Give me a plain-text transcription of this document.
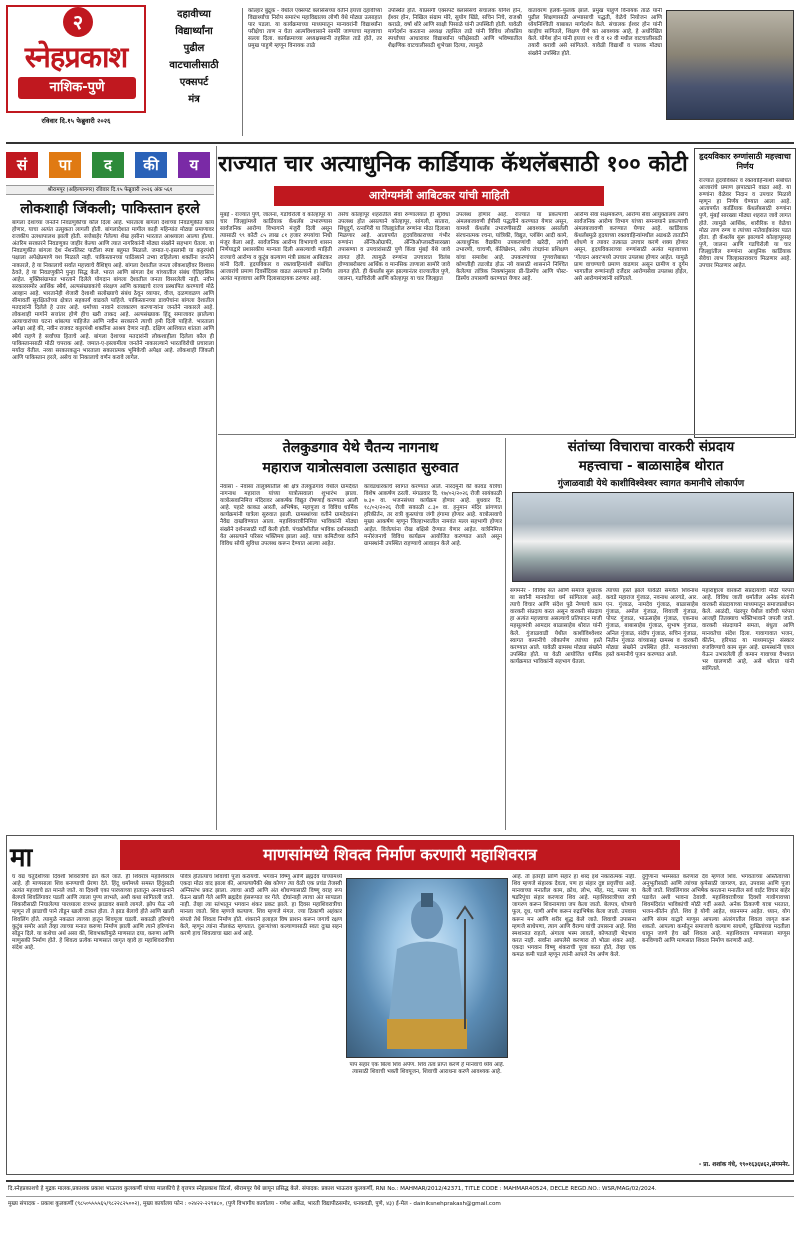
२
स्नेहप्रकाश
नाशिक-पुणे
रविवार दि.१५ फेब्रुवारी २०२६
दहावीच्या
विद्यार्थ्यांना
पुढील
वाटचालीसाठी
एक्सपर्ट
मंत्र
कोल्हार बुद्रुक - येथील एक्सपर्ट क्लासेसच्या वतीने इयत्ता दहावीच्या विद्यार्थ्यांचा निरोप समारंभ महाविद्यालय लोणी येथे मोठ्या उत्साहात पार पडला. या कार्यक्रमाच्या माध्यमातून मान्यवरांनी विद्यार्थ्यांना परीक्षेचा ताण न घेता आत्मविश्वासाने सामोरे जाण्याचा महत्त्वाचा सल्ला दिला. कार्यक्रमाच्या अध्यक्षस्थानी तहसिल ताडे होते, तर प्रमुख पाहुणे म्हणून विनायक ताळे
उपस्थित होते. याप्रसंगी एक्सपर्ट क्लासेसचे संचालक योगेश होन, ईश्वर होन, निखिल संग्राम मोरे, सुयोग खिंडे, सचिन निचे, राजश्री कराळे, वर्षा थोरे आणि साक्षी पिसाळे यांनी उपस्थिती होती. यावेळी मार्गदर्शन करताना अध्यक्ष तहसिल ताडे यांनी विविध लोकप्रिय स्पर्धांच्या आधारावर विद्यार्थ्यांना परीक्षेसाठी आणि भविष्यातील शैक्षणिक वाटचालीसाठी शुभेच्छा दिल्या, त्यामुळे
वातावरण हलके-फुलके झाले. प्रमुख पाहुणे विनायक ताळे यांनी पुढील शिक्षणासाठी अभ्यासाची पद्धती, वेळेचे नियोजन आणि ध्येयनिश्चिती याबाबत मार्गदर्शन केले. संचालक ईश्वर होन यांनी काहीच सांगितले, शिक्षण घेणे का आवश्यक आहे, हे अधोरेखित केले. योगेश होन यांनी इयत्ता ११ वी व १२ वी मधील वाटचालीसाठी तयारी करावी असे सांगितले. यावेळी विद्यार्थी व पालक मोठ्या संख्येने उपस्थित होते.
सं	पा	द	की	य
श्रीरामपूर (अहिल्यानगर) रविवार दि.१५ फेब्रुवारी २०२६ अंक ५६१
लोकशाही जिंकली; पाकिस्तान हरले
बांगला देशाच्या जनतेने निवडणुकीचा कौल दिला आहे. भारताला बांगला देशाच्या निवडणुकीत काय होणार, याचा अत्यंत उत्सुकता लागली होती. बांगलादेशात मागील काही महिन्यांत मोठ्या प्रमाणावर राजकीय उलथापालथ झाली होती. सत्तेबाहेर गेलेल्या शेख हसीना भारतात आश्रयाला आल्या होत्या. अंतरिम सरकारने निवडणुका जाहीर केल्या आणि त्यात नागरिकांनी मोठ्या संख्येने सहभाग घेतला. या निवडणुकीत बांगला देश नॅशनलिस्ट पार्टीला स्पष्ट बहुमत मिळाले. जमात-ए-इस्लामी या कट्टरपंथी पक्षाला अपेक्षेप्रमाणे यश मिळाले नाही. पाकिस्तानच्या पाठिंब्याने उभ्या राहिलेल्या शक्तींना जनतेने नाकारले, हे या निकालाचे सर्वात महत्त्वाचे वैशिष्ट्य आहे. बांगला देशातील जनता लोकशाहीवर विश्वास ठेवते, हे या निवडणुकीने पुन्हा सिद्ध केले. भारत आणि बांगला देश यांच्यातील संबंध ऐतिहासिक आहेत. मुक्तिसंग्रामात भारताने दिलेले योगदान बांगला देशातील जनता विसरलेली नाही. नवीन सरकारसमोर आर्थिक स्थैर्य, अल्पसंख्याकांचे संरक्षण आणि कायद्याचे राज्य प्रस्थापित करण्याचे मोठे आव्हान आहे. भारतानेही शेजारी देशाशी सलोख्याचे संबंध ठेवून व्यापार, वीज, दळणवळण आणि सीमावर्ती सुरक्षिततेच्या क्षेत्रात सहकार्य वाढवले पाहिजे. पाकिस्तानच्या डावपेचांना बांगला देशातील मतदारांनी दिलेले हे उत्तर आहे. धर्माच्या नावाने राजकारण करणाऱ्यांना जनतेने नाकारले आहे. लोकशाही मार्गाने सत्तांतर होणे हीच खरी ताकद आहे. अल्पसंख्याक हिंदू समाजावर झालेल्या अत्याचारांच्या घटना थांबल्या पाहिजेत आणि नवीन सरकारने त्याची हमी दिली पाहिजे. भारताला अपेक्षा आहे की, नवीन राजवट कट्टरपंथी शक्तींना आश्रय देणार नाही. दक्षिण आशियात शांतता आणि स्थैर्य राहणे हे सर्वांच्या हिताचे आहे. बांगला देशाच्या मतदारांनी लोकशाहीला दिलेला कौल ही पाकिस्तानसाठी मोठी चपराक आहे. जमात-ए-इस्लामीला जनतेने नाकारल्याने भारतविरोधी प्रचाराला मर्यादा येतील. नव्या सरकारकडून भारताला सकारात्मक भूमिकेची अपेक्षा आहे. लोकशाही जिंकली आणि पाकिस्तान हरले, असेच या निकालाचे वर्णन करावे लागेल.
राज्यात चार अत्याधुनिक कार्डियाक कॅथलॅबसाठी १०० कोटी
आरोग्यमंत्री आबिटकर यांची माहिती
मुंबई - राज्यात पुणे, जालना, गडचिरोली व कोल्हापूर या चार जिल्ह्यांमध्ये कार्डियाक कॅथलॅब उभारण्यास सार्वजनिक आरोग्य विभागाने मंजुरी दिली असून त्यासाठी ९९ कोटी ८५ लाख ८१ हजार रुपयांचा निधी मंजूर केला आहे. सार्वजनिक आरोग्य विभागाचे शासन निर्णयाद्वारे प्रशासकीय मान्यता दिली असल्याची माहिती राज्याचे आरोग्य व कुटुंब कल्याण मंत्री प्रकाश आबिटकर यांनी दिली. हृदयविकार व रक्तवाहिन्यांशी संबंधित आजारांचे प्रमाण दिवसेंदिवस वाढत असल्याने हा निर्णय अत्यंत महत्त्वाचा आणि दिलासादायक ठरणार आहे.
तसेच कोल्हापूर शहरातील सेवा रुग्णालयात ही सुविधा उपलब्ध होत असल्याने कोल्हापूर, सांगली, सातारा, सिंधुदुर्ग, रत्नागिरी या जिल्ह्यांतील रुग्णांना मोठा दिलासा मिळणार आहे. आतापर्यंत हृदयविकाराच्या गंभीर रुग्णांना ॲन्जिओग्राफी, ॲन्जिओप्लास्टीसारख्या तपासण्या व उपचारांसाठी पुणे किंवा मुंबई येथे जावे लागत होते. त्यामुळे रुग्णांना उपचारात विलंब होण्याबरोबरच आर्थिक व मानसिक ताणाला सामोरे जावे लागत होते. ही कॅथलॅब सुरू झाल्यानंतर राज्यातील पुणे, जालना, गडचिरोली आणि कोल्हापूर या चार जिल्ह्यात
उपलब्ध होणार आहे. राज्यात या प्रकल्पांची अंमलबजावणी ईपीसी पद्धतीने करण्यात येणार असून, यामध्ये कॅथलॅब उभारणीसाठी आवश्यक असलेली संरचनात्मक रचना, यांत्रिकी, विद्युत, प्लंबिंग आदी कामे, अत्याधुनिक वैद्यकीय उपकरणांची खरेदी, त्यांची उभारणी, चाचणी, कॅलिब्रेशन, तसेच तंत्रज्ञांना प्रशिक्षण यांचा समावेश आहे. उपकरणांच्या गुणवत्तेबाबत कोणतीही तडजोड होऊ नये यासाठी शासनाने निश्चित केलेल्या तांत्रिक निकषांनुसार प्री-डिस्पॅच आणि पोस्ट-डिस्पॅच तपासणी करण्यात येणार आहे.
आरोग्य सेवा सक्षमकरण, आरोग्य सेवा आयुक्तालय तसेच सार्वजनिक आरोग्य विभाग यांच्या समन्वयाने प्रकल्पाची अंमलबजावणी करण्यात येणार आहे. कार्डियाक कॅथलॅबमुळे हृदयाच्या रक्तवाहिन्यांमधील अडथळे तातडीने शोधणे व त्यावर तत्काळ उपचार करणे शक्य होणार असून, हृदयविकाराच्या रुग्णांसाठी अत्यंत महत्त्वाच्या 'गोल्डन अवर'मध्ये उपचार उपलब्ध होणार आहेत. यामुळे प्राण वाचण्याचे प्रमाण वाढणार असून ग्रामीण व दुर्गम भागातील रुग्णांनाही दर्जेदार आरोग्यसेवा उपलब्ध होईल, असे आरोग्यमंत्र्यांनी सांगितले.
हृदयविकार रुग्णांसाठी महत्त्वाचा निर्णय
राज्यात हृदयविकार व रक्तवाहिन्यांशी संबंधित आजारांचे प्रमाण झपाट्याने वाढत आहे. या रुग्णांना वेळेवर निदान व उपचार मिळावे म्हणून हा निर्णय घेण्यात आला आहे. आतापर्यंत कार्डियाक कॅथलॅबसाठी रुग्णांना पुणे, मुंबई सारख्या मोठ्या शहरात जावे लागत होते. त्यामुळे आर्थिक, शारीरिक व वेळेचा मोठा ताण रुग्ण व त्यांच्या नातेवाईकांवर पडत होता. ही कॅथलॅब सुरू झाल्याने कोल्हापूरसह पुणे, जालना आणि गडचिरोली या चार जिल्ह्यांतील रुग्णांना आधुनिक कार्डियाक सेवेचा लाभ जिल्हास्तरावरच मिळणार आहे. उपचार मिळणार आहेत.
तेलकुडगाव येथे चैतन्य नागनाथ
महाराज यात्रोत्सवाला उत्साहात सुरुवात
नेवासा - नेवासा तालुक्यातील श्री क्षेत्र तेलकुडगाव येथील ग्रामदैवत नागनाथ महाराज यांच्या यात्रोत्सवाला शुभारंभ झाला. यात्रोत्सवानिमित्त मंदिरावर आकर्षक विद्युत रोषणाई करण्यात आली आहे. पहाटे काकड आरती, अभिषेक, महापूजा व विविध धार्मिक कार्यक्रमांनी यात्रेला सुरुवात झाली. ग्रामस्थांच्या वतीने ग्रामदेवतांना नैवेद्य दाखविण्यात आला. महाशिवरात्रीनिमित्त भाविकांनी मोठ्या संख्येने दर्शनासाठी गर्दी केली होती. पंचक्रोशीतील भाविक दर्शनासाठी येत असल्याने परिसर भक्तिमय झाला आहे. यात्रा कमिटीच्या वतीने विविध सोयी सुविधा उपलब्ध करून देण्यात आल्या आहेत.
कावडधारकांचे स्वागत करण्यात आले. नारदमुनी की कावड यात्रेचा विशेष आकर्षण ठरली. मंगळवार दि. १७/०२/२०२६ रोजी सायंकाळी ७.३० वा. भजनसंध्या कार्यक्रम होणार आहे. बुधवार दि. १८/०२/२०२६ रोजी सकाळी ८.३० वा. हनुमान मंदिर प्रांगणात हरिकीर्तन, तर रात्री कुस्त्यांचा जंगी हंगामा होणार आहे. यात्रोत्सवाचे मुख्य आकर्षण म्हणून जिल्हाभरातील नामवंत मल्ल सहभागी होणार आहेत. विजेत्यांना रोख बक्षिसे देण्यात येणार आहेत. यात्रेनिमित्त मनोरंजनाचे विविध कार्यक्रम आयोजित करण्यात आले असून ग्रामस्थांनी उपस्थित राहण्याचे आवाहन केले आहे.
संतांच्या विचाराचा वारकरी संप्रदाय
महत्त्वाचा - बाळासाहेब थोरात
गुंजाळवाडी येथे काशीविश्वेश्वर स्वागत कमानीचे लोकार्पण
संगमनेर - विविध संत आणि समाज सुधारक या सर्वांनी मानवतेचा धर्म सांगितला आहे. त्याचे विचार आणि संदेश पुढे नेण्याचे काम वारकरी संप्रदाय करत असून वारकरी संप्रदाय हा अत्यंत महत्त्वाचा असल्याचे प्रतिपादन माजी महसूलमंत्री आमदार बाळासाहेब थोरात यांनी केले. गुंजाळवाडी येथील काशीविश्वेश्वर स्वागत कमानीचे लोकार्पण त्यांच्या हस्ते करण्यात आले. यावेळी ग्रामस्थ मोठ्या संख्येने उपस्थित होते. या वेळी आयोजित धार्मिक कार्यक्रमात भाविकांनी सहभाग घेतला.
त्यांच्या हस्ते झाले यावेळी समवेत शिवनाथ कवडे महाराज गुंजाळ, नवनाथ आरगडे, आर. एन. गुंजाळ, नामदेव गुंजाळ, बाळासाहेब गुंजाळ, अमोल गुंजाळ, शिवाजी गुंजाळ, पोपट गुंजाळ, भाऊसाहेब गुंजाळ, एकनाथ गुंजाळ, बाबासाहेब गुंजाळ, सुभाष गुंजाळ, अनिल गुंजाळ, संदीप गुंजाळ, सचिन गुंजाळ, नितीन गुंजाळ यांच्यासह ग्रामस्थ व वारकरी मोठ्या संख्येने उपस्थित होते. मान्यवरांच्या हस्ते कमानीचे पूजन करण्यात आले.
महाराष्ट्राला वारकरी संप्रदायाची मोठी परंपरा आहे. विविध जाती धर्मातील अनेक संतांनी वारकरी संप्रदायाच्या माध्यमातून समाजप्रबोधन केले. आळंदी, पंढरपूर येथील वारीची परंपरा आजही तितक्याच भक्तिभावाने जपली जाते. वारकरी संप्रदायाने समता, बंधुता आणि मानवतेचा संदेश दिला. गावागावात भजन, कीर्तन, हरिपाठ या माध्यमातून संस्कार रुजविण्याचे काम सुरू आहे. ग्रामस्थांनी एकत्र येऊन उभारलेली ही कमान गावाच्या वैभवात भर घालणारी आहे, असे थोरात यांनी सांगितले.
मा	माणसांमध्ये शिवत्व निर्माण करणारी महाशिवरात्र
घ वद्य चतुर्दशीच्या दिवशी शिवरात्रीचे व्रत केले जाते. ही शिवरात्र महाशिवरात्र आहे. ही माणसाला शिव बनण्याची प्रेरणा देते. हिंदू धर्मामध्ये समस्त हिंदूंसाठी अत्यंत महत्त्वाचे व्रत मानले जाते. या दिवशी एका पारध्याच्या हातातून अनवधानाने बेलपत्रे शिवलिंगावर पडली आणि त्याला पुण्य लाभले, अशी कथा सांगितली जाते. शिकारीसाठी निघालेल्या पारध्याला रात्रभर झाडावर बसावे लागले. झोप येऊ नये म्हणून तो झाडाची पाने तोडून खाली टाकत होता. ते झाड बेलाचे होते आणि खाली शिवलिंग होते. त्यामुळे नकळत त्याच्या हातून शिवपूजा घडली. सकाळी हरिणांचे कुटुंब समोर आले तेव्हा त्याच्या मनात करुणा निर्माण झाली आणि त्याने हरिणांना सोडून दिले. या कथेचा अर्थ असा की, शिवभक्तीमुळे माणसात दया, करुणा आणि माणुसकी निर्माण होते. हे शिवत्व प्रत्येक माणसात जागृत व्हावे हा महाशिवरात्रीचा संदेश आहे.
पवित्र होतात्याच शिवाची पूजा करायची. भगवान विष्णू आणि ब्रह्मदेव यांच्यामध्ये एकदा मोठा वाद झाला की, आपल्यापैकी श्रेष्ठ कोण? त्या वेळी एक प्रचंड तेजस्वी अग्निस्तंभ प्रकट झाला. त्याचा आदी आणि अंत शोधण्यासाठी विष्णू वराह रूप घेऊन खाली गेले आणि ब्रह्मदेव हंसरूपात वर गेले. दोघांनाही त्याचा अंत सापडला नाही. तेव्हा त्या स्तंभातून भगवान शंकर प्रकट झाले. हा दिवस महाशिवरात्रीचा मानला जातो. शिव म्हणजे कल्याण. शिव म्हणजे मंगल. ज्या ठिकाणी अहंकार संपतो तेथे शिवत्व निर्माण होते. शंकराने हलाहल विष प्राशन करून जगाचे रक्षण केले, म्हणून त्यांना नीलकंठ म्हणतात. दुसऱ्यांच्या कल्याणासाठी स्वतः दुःख सहन करणे हाच शिवत्वाचा खरा अर्थ आहे.
पाप संहार एक बिल्व शिव अर्पण. शिव तत्व प्राप्त करणे हे मानवाचे ध्येय आहे. त्यासाठी शिवाची भक्ती शिवपूजन, शिवाची आराधना करणे आवश्यक आहे.
आहे. तो इतरही प्राणि संहार हा शब्द इथे नकारात्मक नाही. शिव म्हणजे संहारक देवता, पण हा संहार दुष्ट प्रवृत्तींचा आहे. मानवाच्या मनातील काम, क्रोध, लोभ, मोह, मद, मत्सर या षडरिपूंचा संहार करणारा शिव आहे. महाशिवरात्रीच्या रात्री जागरण करून शिवनामाचा जप केला जातो. बेलपत्र, धोत्र्याचे फूल, दूध, पाणी अर्पण करून रुद्राभिषेक केला जातो. उपवास करून मन आणि शरीर शुद्ध केले जाते. शिवाची उपासना म्हणजे साधेपणा, त्याग आणि वैराग्य यांची उपासना आहे. शिव स्मशानात राहतो, अंगाला भस्म लावतो, कोणताही भेदभाव करत नाही. सर्वांना आपलेसे करणारा तो भोळा शंकर आहे. एकदा भगवान विष्णू शंकराची पूजा करत होते, तेव्हा एक कमळ कमी पडले म्हणून त्यांनी आपले नेत्र अर्पण केले.
दुर्गुणांना भस्मसात करणारा देव म्हणजे शिव. भगवंताच्या अस्तित्वाच्या अनुभूतीसाठी आणि त्यांच्या कृपेसाठी जागरण, व्रत, उपवास आणि पूजा केली जाते. शिवलिंगावर अभिषेक करताना मनातील सर्व वाईट विचार बाहेर पडावेत अशी भावना ठेवावी. महाशिवरात्रीच्या दिवशी गावोगावच्या शिवमंदिरांत भाविकांची मोठी गर्दी असते. अनेक ठिकाणी यात्रा भरतात, भजन-कीर्तन होते. शिव हे योगी आहेत, ध्यानमग्न आहेत. ध्यान, योग आणि संयम याद्वारे माणूस आपल्या अंतरंगातील शिवत्व जागृत करू शकतो. आपल्या कर्मातून समाजाचे कल्याण साधणे, दुःखितांच्या मदतीला धावून जाणे हेच खरे शिवत्व आहे. महाशिवरात्र माणसाला माणूस बनविणारी आणि माणसात शिवत्व निर्माण करणारी आहे.
- प्रा. शशांक गंधे, ९९०१६३६४६२,संगमनेर.
दि.स्नेहप्रकाशचे हे मुद्रक मालक,प्रकाशक प्रकाश भाऊराव कुलकर्णी यांच्या मालकीचे हे वृत्तपत्र स्नेहप्रकाश प्रिंटर्स, श्रीरामपूर येथे छापून प्रसिद्ध केले. संपादक: प्रकाश भाऊराव कुलकर्णी, RNI No.: MAHMAR/2012/42371, TITLE CODE : MAHMAR40524, DECLE REGD.NO.: WSR/MAG/02/2024.
मुख्य संपादक - प्रकाश कुलकर्णी (९८५०५५५५६५/९८२२८२५००२), मुख्य कार्यालय फोन : ०२४२२-२२९४८०, (पुणे विभागीय कार्यालय - गणेश अर्केड, भारती विद्यापीठसमोर, धनकवडी, पुणे, ४३) ई-मेल - dainiksnehprakash@gmail.com
